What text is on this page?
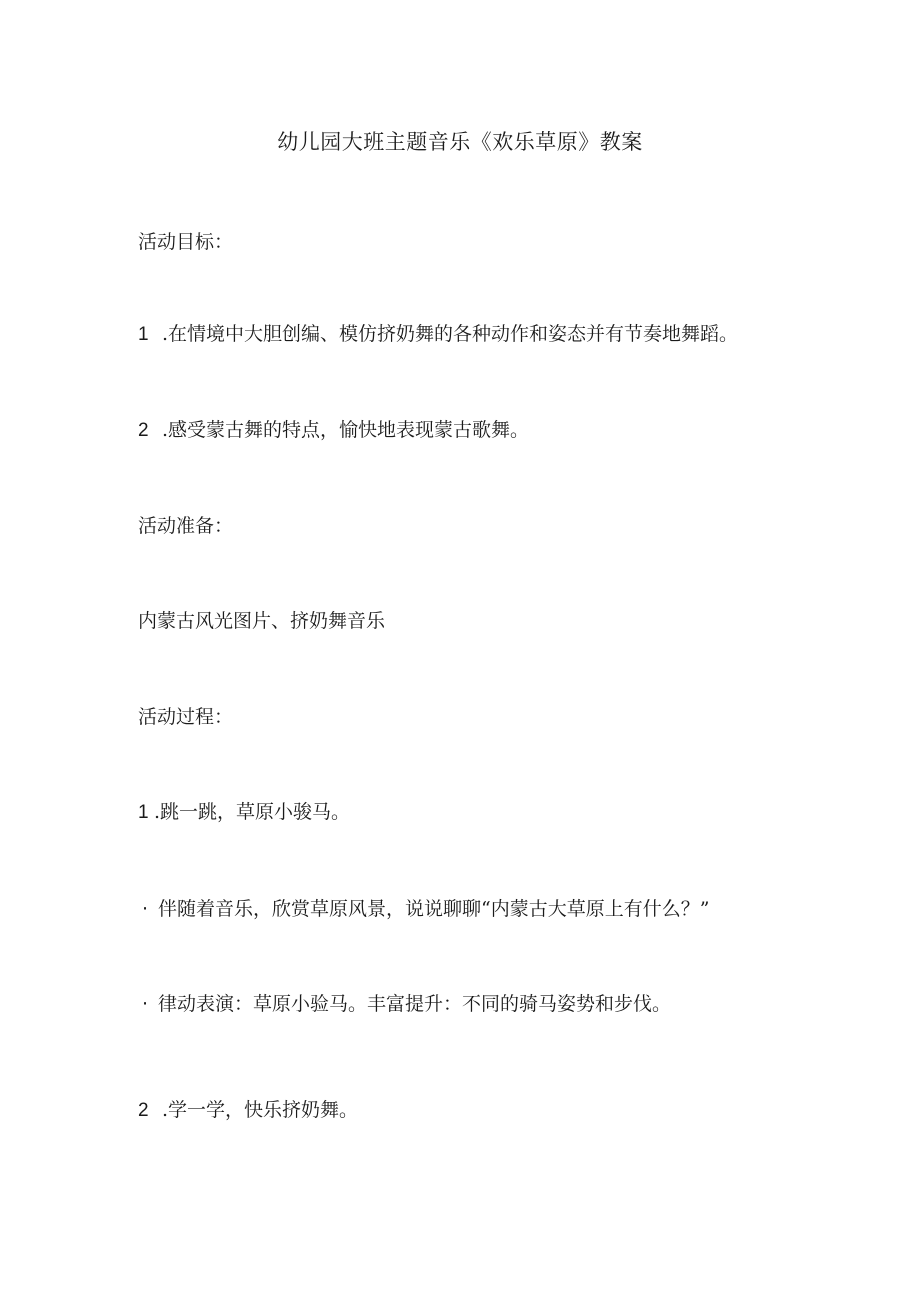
幼儿园大班主题音乐《欢乐草原》教案
活动目标：
1 .在情境中大胆创编、模仿挤奶舞的各种动作和姿态并有节奏地舞蹈。
2 .感受蒙古舞的特点，愉快地表现蒙古歌舞。
活动准备：
内蒙古风光图片、挤奶舞音乐
活动过程：
1 .跳一跳，草原小骏马。
· 伴随着音乐，欣赏草原风景，说说聊聊“内蒙古大草原上有什么？”
· 律动表演：草原小验马。丰富提升：不同的骑马姿势和步伐。
2 .学一学，快乐挤奶舞。
